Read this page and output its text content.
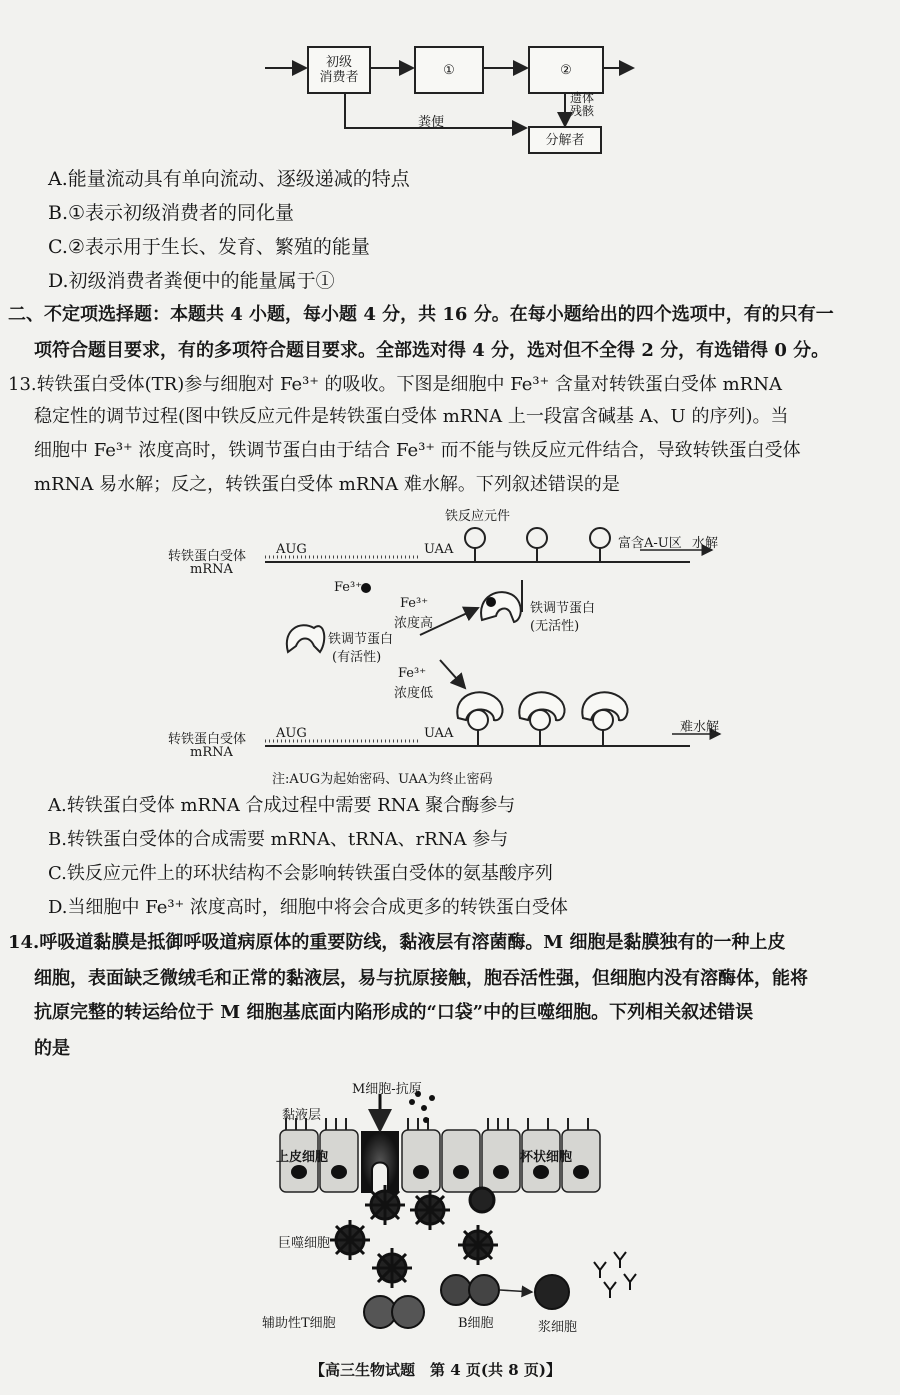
初级
消费者	①	②
分解者
粪便
遗体
残骸
A.能量流动具有单向流动、逐级递减的特点
B.①表示初级消费者的同化量
C.②表示用于生长、发育、繁殖的能量
D.初级消费者粪便中的能量属于①
二、不定项选择题：本题共 4 小题，每小题 4 分，共 16 分。在每小题给出的四个选项中，有的只有一
项符合题目要求，有的多项符合题目要求。全部选对得 4 分，选对但不全得 2 分，有选错得 0 分。
13.转铁蛋白受体(TR)参与细胞对 Fe³⁺ 的吸收。下图是细胞中 Fe³⁺ 含量对转铁蛋白受体 mRNA
稳定性的调节过程(图中铁反应元件是转铁蛋白受体 mRNA 上一段富含碱基 A、U 的序列)。当
细胞中 Fe³⁺ 浓度高时，铁调节蛋白由于结合 Fe³⁺ 而不能与铁反应元件结合，导致转铁蛋白受体
mRNA 易水解；反之，转铁蛋白受体 mRNA 难水解。下列叙述错误的是
铁反应元件
富含A-U区 水解
转铁蛋白受体
mRNA
AUG	UAA
Fe³⁺
Fe³⁺
浓度高
铁调节蛋白
(无活性)
铁调节蛋白
(有活性)
Fe³⁺
浓度低
转铁蛋白受体
mRNA
AUG	UAA	难水解
注:AUG为起始密码、UAA为终止密码
A.转铁蛋白受体 mRNA 合成过程中需要 RNA 聚合酶参与
B.转铁蛋白受体的合成需要 mRNA、tRNA、rRNA 参与
C.铁反应元件上的环状结构不会影响转铁蛋白受体的氨基酸序列
D.当细胞中 Fe³⁺ 浓度高时，细胞中将会合成更多的转铁蛋白受体
14.呼吸道黏膜是抵御呼吸道病原体的重要防线，黏液层有溶菌酶。M 细胞是黏膜独有的一种上皮
细胞，表面缺乏微绒毛和正常的黏液层，易与抗原接触，胞吞活性强，但细胞内没有溶酶体，能将
抗原完整的转运给位于 M 细胞基底面内陷形成的“口袋”中的巨噬细胞。下列相关叙述错误
的是
M细胞-抗原
黏液层
上皮细胞	杯状细胞
巨噬细胞
辅助性T细胞	B细胞	浆细胞
【高三生物试题　第 4 页(共 8 页)】
